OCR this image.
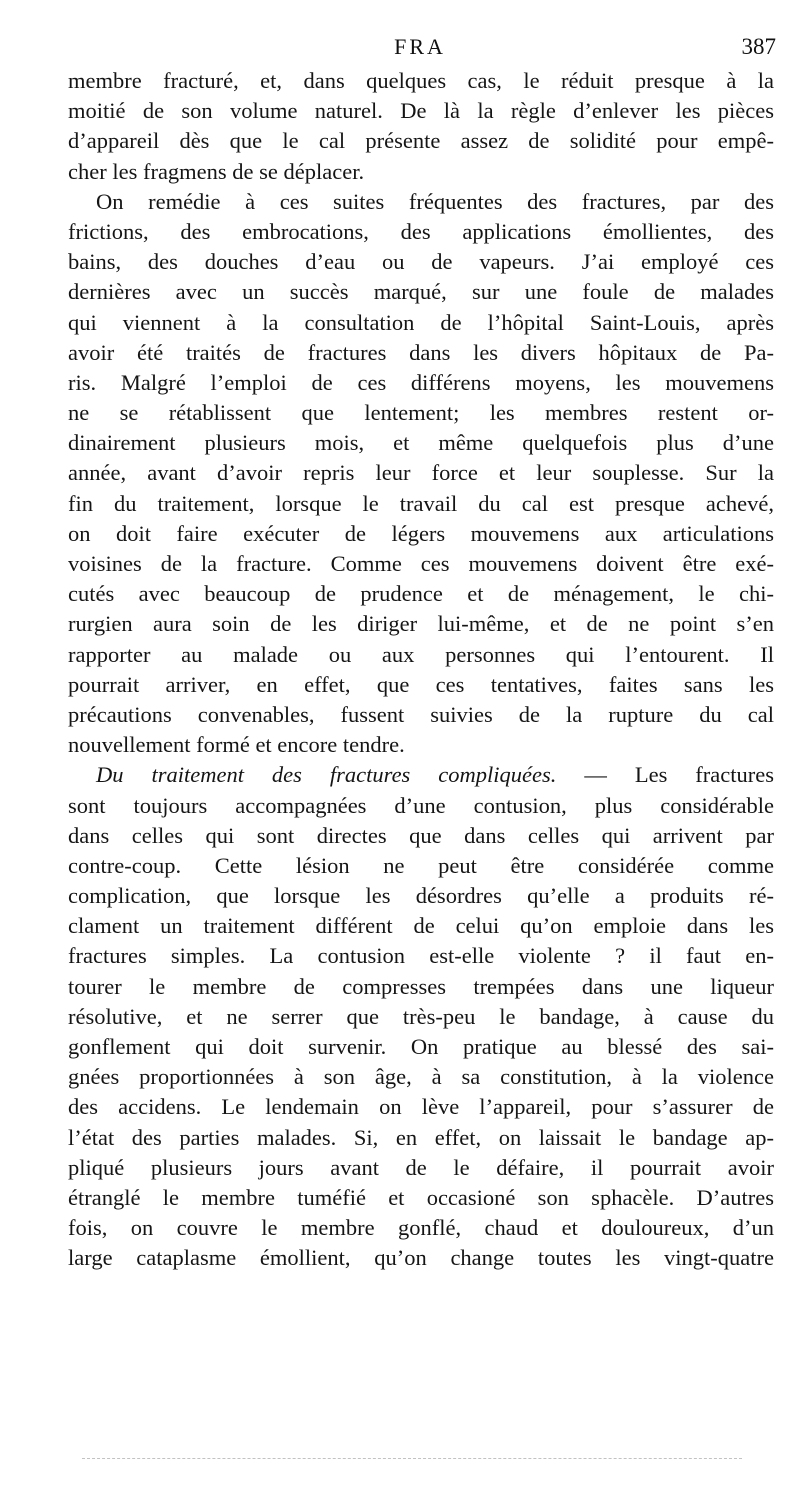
FRA	387
membre fracturé, et, dans quelques cas, le réduit presque à la
moitié de son volume naturel. De là la règle d’enlever les pièces
d’appareil dès que le cal présente assez de solidité pour empê-
cher les fragmens de se déplacer.
On remédie à ces suites fréquentes des fractures, par des
frictions, des embrocations, des applications émollientes, des
bains, des douches d’eau ou de vapeurs. J’ai employé ces
dernières avec un succès marqué, sur une foule de malades
qui viennent à la consultation de l’hôpital Saint-Louis, après
avoir été traités de fractures dans les divers hôpitaux de Pa-
ris. Malgré l’emploi de ces différens moyens, les mouvemens
ne se rétablissent que lentement; les membres restent or-
dinairement plusieurs mois, et même quelquefois plus d’une
année, avant d’avoir repris leur force et leur souplesse. Sur la
fin du traitement, lorsque le travail du cal est presque achevé,
on doit faire exécuter de légers mouvemens aux articulations
voisines de la fracture. Comme ces mouvemens doivent être exé-
cutés avec beaucoup de prudence et de ménagement, le chi-
rurgien aura soin de les diriger lui-même, et de ne point s’en
rapporter au malade ou aux personnes qui l’entourent. Il
pourrait arriver, en effet, que ces tentatives, faites sans les
précautions convenables, fussent suivies de la rupture du cal
nouvellement formé et encore tendre.
Du traitement des fractures compliquées. — Les fractures
sont toujours accompagnées d’une contusion, plus considérable
dans celles qui sont directes que dans celles qui arrivent par
contre-coup. Cette lésion ne peut être considérée comme
complication, que lorsque les désordres qu’elle a produits ré-
clament un traitement différent de celui qu’on emploie dans les
fractures simples. La contusion est-elle violente ? il faut en-
tourer le membre de compresses trempées dans une liqueur
résolutive, et ne serrer que très-peu le bandage, à cause du
gonflement qui doit survenir. On pratique au blessé des sai-
gnées proportionnées à son âge, à sa constitution, à la violence
des accidens. Le lendemain on lève l’appareil, pour s’assurer de
l’état des parties malades. Si, en effet, on laissait le bandage ap-
pliqué plusieurs jours avant de le défaire, il pourrait avoir
étranglé le membre tuméfié et occasioné son sphacèle. D’autres
fois, on couvre le membre gonflé, chaud et douloureux, d’un
large cataplasme émollient, qu’on change toutes les vingt-quatre
